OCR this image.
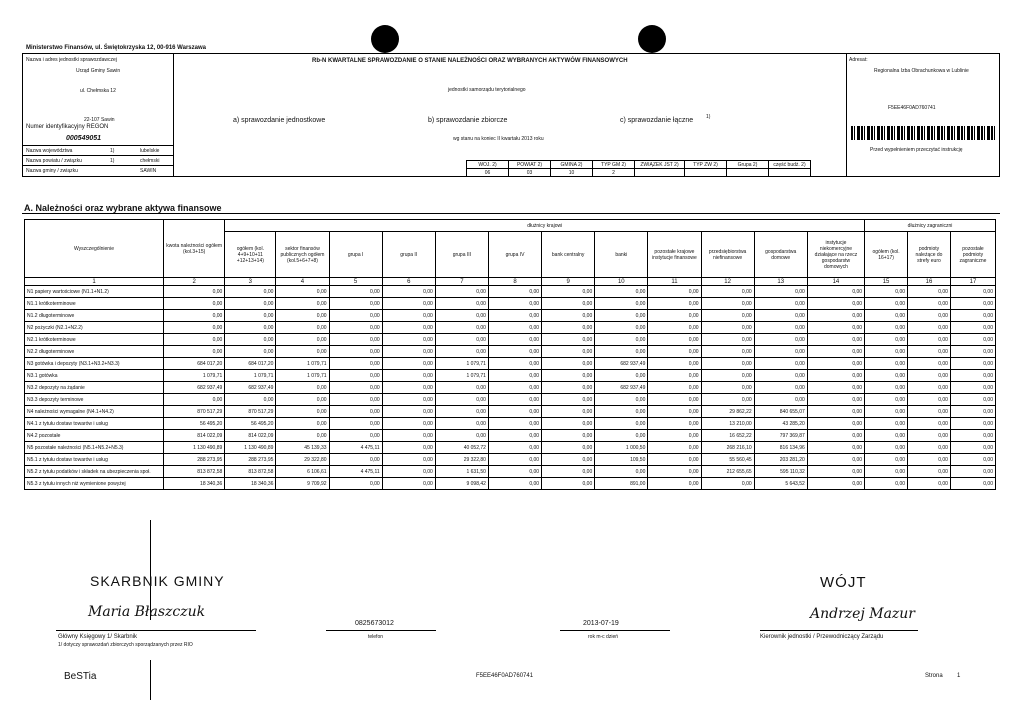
Ministerstwo Finansów, ul. Świętokrzyska 12, 00-916 Warszawa
Nazwa i adres jednostki sprawozdawczej
Urząd Gminy Sawin
ul. Chełmska 12
22-107 Sawin
Numer identyfikacyjny REGON
000549051
Nazwa województwa	1)	lubelskie
Nazwa powiatu / związku	1)	chełmski
Nazwa gminy / związku	SAWIN
Rb-N KWARTALNE SPRAWOZDANIE O STANIE NALEŻNOŚCI ORAZ WYBRANYCH AKTYWÓW FINANSOWYCH
jednostki samorządu terytorialnego
a) sprawozdanie jednostkowe	b) sprawozdanie zbiorcze	c) sprawozdanie łączne	1)
wg stanu na koniec II kwartału 2013 roku
WOJ. 2)	POWIAT 2)	GMINA 2)	TYP GM 2)	ZWIĄZEK JST 2)	TYP ZW 2)	Grupa 2)	część budż. 2)
06	03	10	2				
Adresat:
Regionalna Izba Obrachunkowa w Lublinie
F5EE46F0AD760741
Przed wypełnieniem przeczytać instrukcję
A. Należności oraz wybrane aktywa finansowe
Wyszczególnienie	kwota należności ogółem (kol.3+15)	dłużnicy krajowi												dłużnicy zagraniczni		
		ogółem (kol. 4+9+10+11 +12+13+14)	sektor finansów publicznych ogółem (kol.5+6+7+8)	grupa I	grupa II	grupa III	grupa IV	bank centralny	banki	pozostałe krajowe instytucje finansowe	przedsiębiorstwa niefinansowe	gospodarstwa domowe	instytucje niekomercyjne działające na rzecz gospodarstw domowych	ogółem (kol. 16+17)	podmioty należące do strefy euro	pozostałe podmioty zagraniczne
1	2	3	4	5	6	7	8	9	10	11	12	13	14	15	16	17
N1 papiery wartościowe (N1.1+N1.2)	0,00	0,00	0,00	0,00	0,00	0,00	0,00	0,00	0,00	0,00	0,00	0,00	0,00	0,00	0,00	0,00
N1.1 krótkoterminowe	0,00	0,00	0,00	0,00	0,00	0,00	0,00	0,00	0,00	0,00	0,00	0,00	0,00	0,00	0,00	0,00
N1.2 długoterminowe	0,00	0,00	0,00	0,00	0,00	0,00	0,00	0,00	0,00	0,00	0,00	0,00	0,00	0,00	0,00	0,00
N2 pożyczki (N2.1+N2.2)	0,00	0,00	0,00	0,00	0,00	0,00	0,00	0,00	0,00	0,00	0,00	0,00	0,00	0,00	0,00	0,00
N2.1 krótkoterminowe	0,00	0,00	0,00	0,00	0,00	0,00	0,00	0,00	0,00	0,00	0,00	0,00	0,00	0,00	0,00	0,00
N2.2 długoterminowe	0,00	0,00	0,00	0,00	0,00	0,00	0,00	0,00	0,00	0,00	0,00	0,00	0,00	0,00	0,00	0,00
N3 gotówka i depozyty (N3.1+N3.2+N3.3)	684 017,20	684 017,20	1 079,71	0,00	0,00	1 079,71	0,00	0,00	682 937,49	0,00	0,00	0,00	0,00	0,00	0,00	0,00
N3.1 gotówka	1 079,71	1 079,71	1 079,71	0,00	0,00	1 079,71	0,00	0,00	0,00	0,00	0,00	0,00	0,00	0,00	0,00	0,00
N3.2 depozyty na żądanie	682 937,49	682 937,49	0,00	0,00	0,00	0,00	0,00	0,00	682 937,49	0,00	0,00	0,00	0,00	0,00	0,00	0,00
N3.3 depozyty terminowe	0,00	0,00	0,00	0,00	0,00	0,00	0,00	0,00	0,00	0,00	0,00	0,00	0,00	0,00	0,00	0,00
N4 należności wymagalne (N4.1+N4.2)	870 517,29	870 517,29	0,00	0,00	0,00	0,00	0,00	0,00	0,00	0,00	29 862,22	840 655,07	0,00	0,00	0,00	0,00
N4.1 z tytułu dostaw towarów i usług	56 495,20	56 495,20	0,00	0,00	0,00	0,00	0,00	0,00	0,00	0,00	13 210,00	43 285,20	0,00	0,00	0,00	0,00
N4.2 pozostałe	814 022,09	814 022,09	0,00	0,00	0,00	0,00	0,00	0,00	0,00	0,00	16 652,22	797 369,87	0,00	0,00	0,00	0,00
N5 pozostałe należności (N5.1+N5.2+N5.3)	1 130 490,89	1 130 490,89	45 139,33	4 475,11	0,00	40 052,72	0,00	0,00	1 000,50	0,00	268 216,10	816 134,96	0,00	0,00	0,00	0,00
N5.1 z tytułu dostaw towarów i usług	288 273,95	288 273,95	29 322,80	0,00	0,00	29 322,80	0,00	0,00	109,50	0,00	55 560,45	203 281,20	0,00	0,00	0,00	0,00
N5.2 z tytułu podatków i składek na ubezpieczenia społ.	813 872,58	813 872,58	6 106,61	4 475,11	0,00	1 631,50	0,00	0,00	0,00	0,00	212 655,65	595 110,32	0,00	0,00	0,00	0,00
N5.3 z tytułu innych niż wymienione powyżej	18 340,36	18 340,36	9 709,92	0,00	0,00	9 098,42	0,00	0,00	891,00	0,00	0,00	5 643,52	0,00	0,00	0,00	0,00
SKARBNIK GMINY
Maria Błaszczuk
Główny Księgowy 1/ Skarbnik
1/ dotyczy sprawozdań zbiorczych sporządzanych przez RIO
0825673012
telefon
2013-07-19
rok m-c dzień
WÓJT
Andrzej Mazur
Kierownik jednostki / Przewodniczący Zarządu
BeSTia	F5EE46F0AD760741	Strona 1
